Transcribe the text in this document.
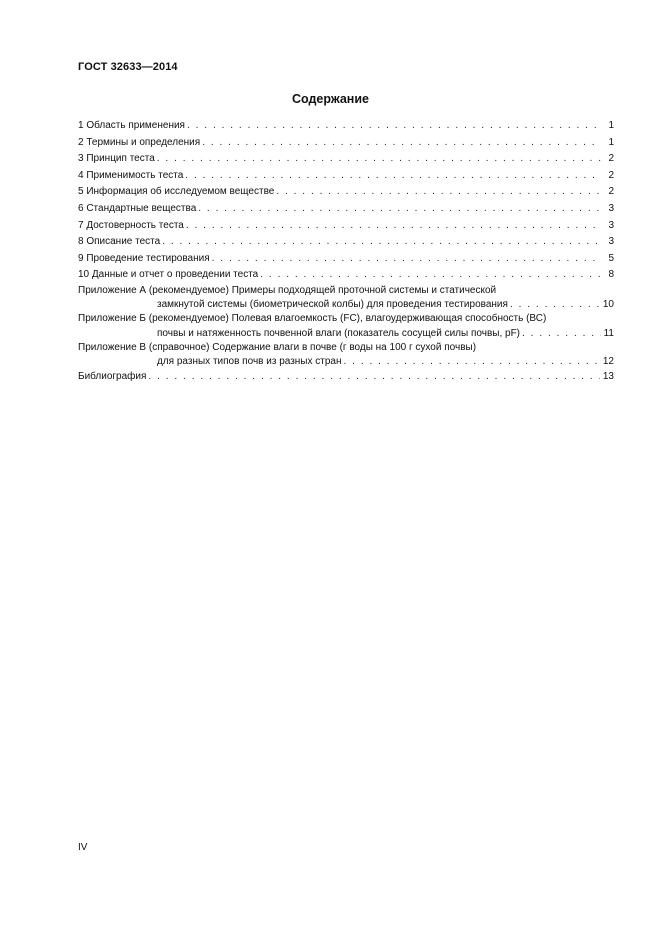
ГОСТ 32633—2014
Содержание
1 Область применения . . .	1
2 Термины и определения . . .	1
3 Принцип теста . . .	2
4 Применимость теста . . .	2
5 Информация об исследуемом веществе . . .	2
6 Стандартные вещества . . .	3
7 Достоверность теста . . .	3
8 Описание теста . . .	3
9 Проведение тестирования . . .	5
10 Данные и отчет о проведении теста . . .	8
Приложение А (рекомендуемое) Примеры подходящей проточной системы и статической
замкнутой системы (биометрической колбы) для проведения тестирования . . .	10
Приложение Б (рекомендуемое) Полевая влагоемкость (FC), влагоудерживающая способность (ВС)
почвы и натяженность почвенной влаги (показатель сосущей силы почвы, pF) . . .	11
Приложение В (справочное) Содержание влаги в почве (г воды на 100 г сухой почвы)
для разных типов почв из разных стран . . .	12
Библиография . . .	13
IV
